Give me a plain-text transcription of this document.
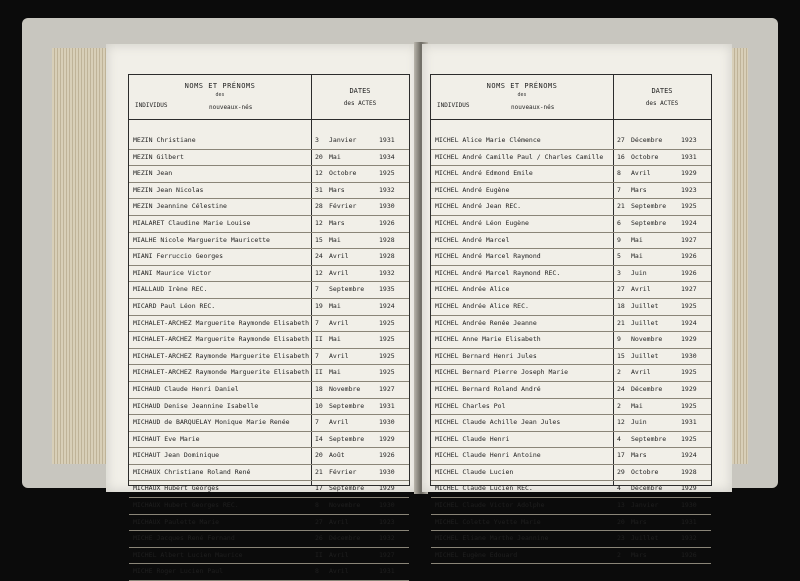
NOMS ET PRÉNOMS
des
INDIVIDUS	nouveaux-nés
DATES
des ACTES
MEZIN Christiane	3 Janvier	1931
MEZIN Gilbert	20 Mai	1934
MEZIN Jean	12 Octobre	1925
MEZIN Jean Nicolas	31 Mars	1932
MEZIN Jeannine Célestine	28 Février	1930
MIALARET Claudine Marie Louise	12 Mars	1926
MIALHE Nicole Marguerite Mauricette	15 Mai	1928
MIANI Ferruccio Georges	24 Avril	1928
MIANI Maurice Victor	12 Avril	1932
MIALLAUD Irène REC.	7 Septembre 1935
MICARD Paul Léon REC.	19 Mai	1924
MICHALET-ARCHEZ Marguerite Raymonde Elisabeth 7 Avril	1925
MICHALET-ARCHEZ Marguerite Raymonde Elisabeth II Mai	1925
MICHALET-ARCHEZ Raymonde Marguerite Elisabeth 7 Avril	1925
MICHALET-ARCHEZ Raymonde Marguerite Elisabeth II Mai	1925
MICHAUD Claude Henri Daniel	18 Novembre	1927
MICHAUD Denise Jeannine Isabelle	10 Septembre 1931
MICHAUD de BARQUELAY Monique Marie Renée	7 Avril	1930
MICHAUT Eve Marie	I4 Septembre 1929
MICHAUT Jean Dominique	20 Août	1926
MICHAUX Christiane Roland René	21 Février	1930
MICHAUX Hubert Georges	17 Septembre 1929
MICHAUX Hubert Georges REC.	8 Novembre	1930
MICHAUX Paulette Marie	27 Avril	1923
MICHE Jacques René Fernand	26 Décembre	1932
MICHEL Albert Lucien Maurice	II Avril	1927
MICHE Roger Lucien Paul	8 Avril	1931
NOMS ET PRÉNOMS
des
INDIVIDUS	nouveaux-nés
DATES
des ACTES
MICHEL Alice Marie Clémence	27 Décembre	1923
MICHEL André Camille Paul / Charles Camille 16 Octobre	1931
MICHEL André Edmond Emile	8 Avril	1929
MICHEL André Eugène	7 Mars	1923
MICHEL André Jean REC.	21 Septembre 1925
MICHEL André Léon Eugène	6 Septembre 1924
MICHEL André Marcel	9 Mai	1927
MICHEL André Marcel Raymond	5 Mai	1926
MICHEL André Marcel Raymond REC.	3 Juin	1926
MICHEL Andrée Alice	27 Avril	1927
MICHEL Andrée Alice REC.	18 Juillet	1925
MICHEL Andrée Renée Jeanne	21 Juillet	1924
MICHEL Anne Marie Elisabeth	9 Novembre	1929
MICHEL Bernard Henri Jules	15 Juillet	1930
MICHEL Bernard Pierre Joseph Marie	2 Avril	1925
MICHEL Bernard Roland André	24 Décembre	1929
MICHEL Charles Pol	2 Mai	1925
MICHEL Claude Achille Jean Jules	12 Juin	1931
MICHEL Claude Henri	4 Septembre 1925
MICHEL Claude Henri Antoine	17 Mars	1924
MICHEL Claude Lucien	29 Octobre	1928
MICHEL Claude Lucien REC.	4 Décembre	1929
MICHEL Claude Victor Adolphe	13 Janvier	1930
MICHEL Colette Yvette Marie	20 Mars	1931
MICHEL Eliane Marthe Jeannine	23 Juillet	1932
MICHEL Eugène Edouard	2 Mars	1926
